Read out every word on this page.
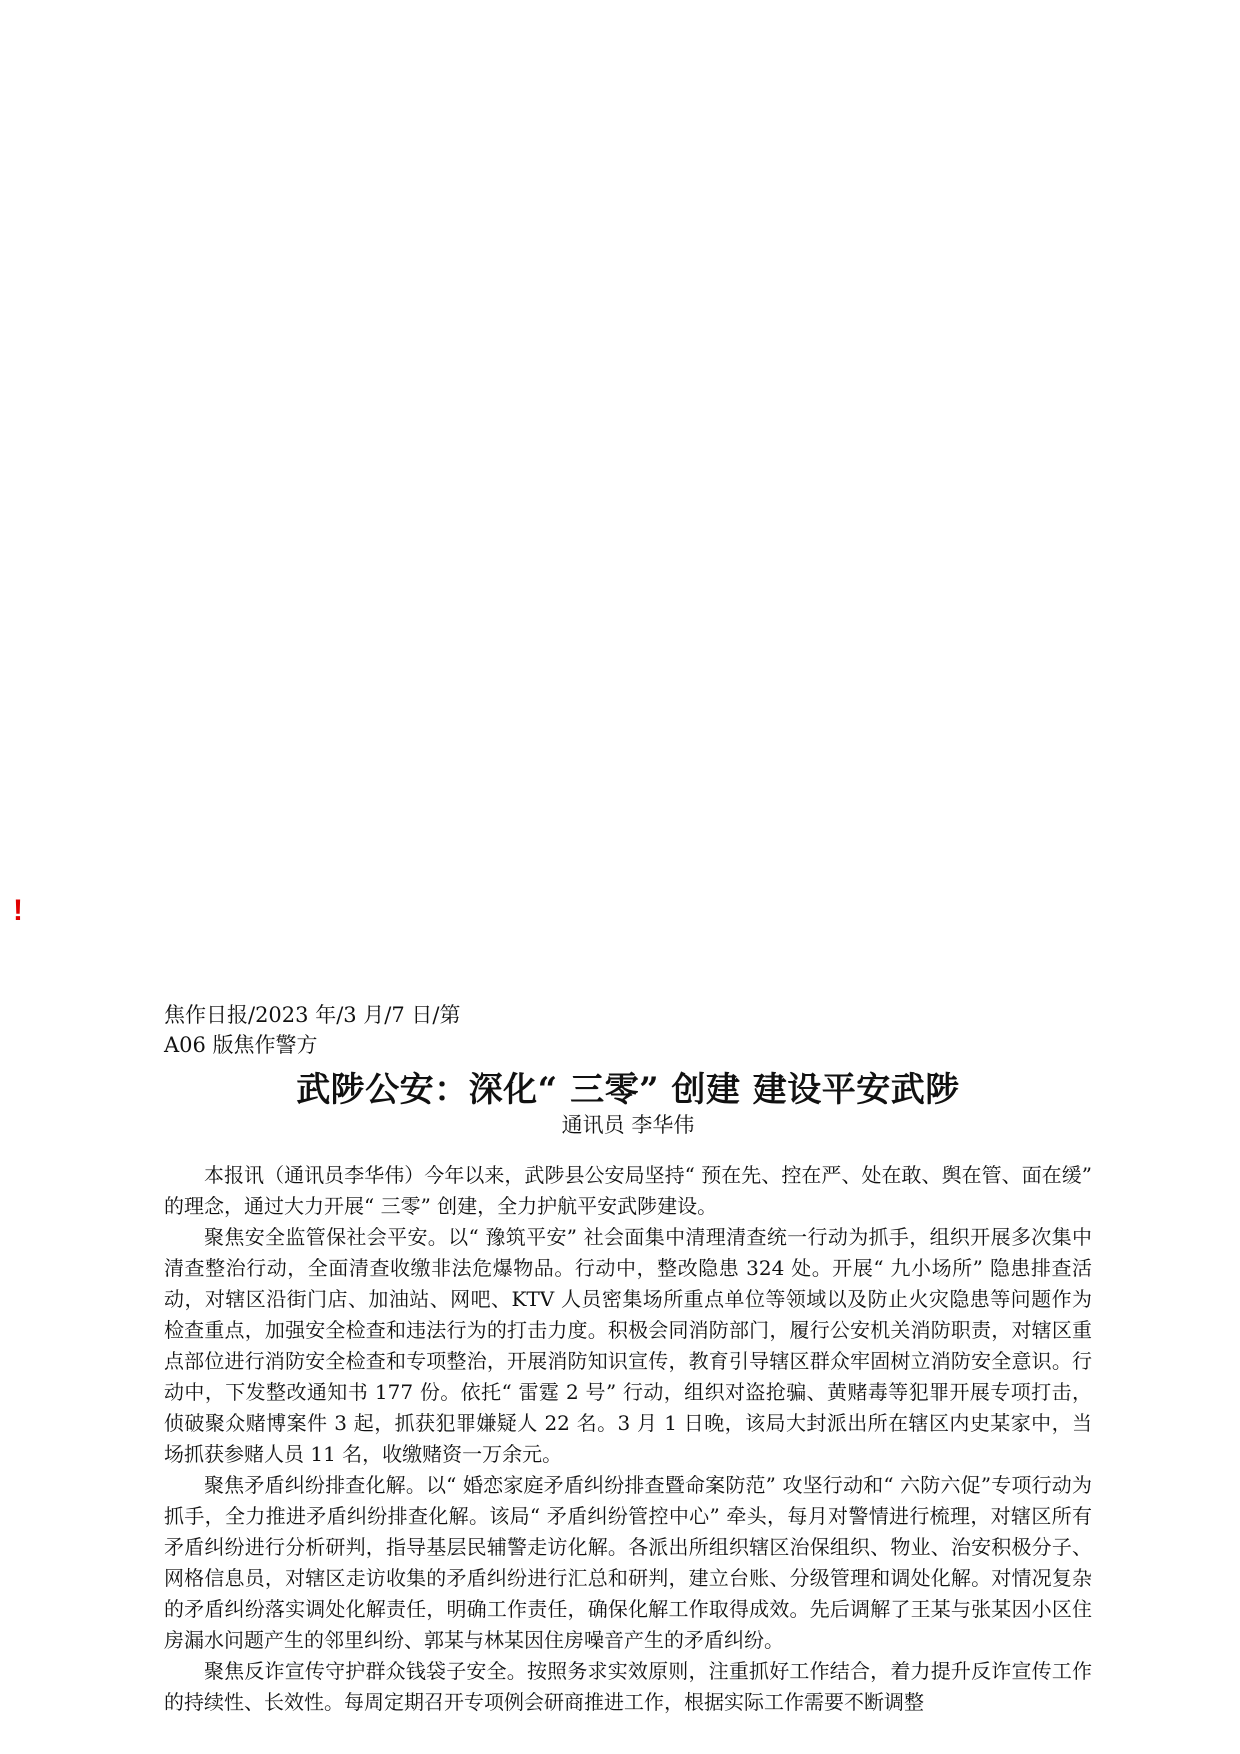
!
焦作日报/2023 年/3 月/7 日/第 A06 版焦作警方
武陟公安：深化“ 三零” 创建 建设平安武陟
通讯员 李华伟

本报讯（通讯员李华伟）今年以来，武陟县公安局坚持“ 预在先、控在严、处在敢、舆在管、面在缓” 的理念，通过大力开展“ 三零” 创建，全力护航平安武陟建设。

聚焦安全监管保社会平安。以“ 豫筑平安” 社会面集中清理清查统一行动为抓手，组织开展多次集中清查整治行动，全面清查收缴非法危爆物品。行动中，整改隐患 324 处。开展“ 九小场所” 隐患排查活动，对辖区沿街门店、加油站、网吧、KTV 人员密集场所重点单位等领域以及防止火灾隐患等问题作为检查重点，加强安全检查和违法行为的打击力度。积极会同消防部门，履行公安机关消防职责，对辖区重点部位进行消防安全检查和专项整治，开展消防知识宣传，教育引导辖区群众牢固树立消防安全意识。行动中，下发整改通知书 177 份。依托“ 雷霆 2 号” 行动，组织对盗抢骗、黄赌毒等犯罪开展专项打击，侦破聚众赌博案件 3 起，抓获犯罪嫌疑人 22 名。3 月 1 日晚，该局大封派出所在辖区内史某家中，当场抓获参赌人员 11 名，收缴赌资一万余元。

聚焦矛盾纠纷排查化解。以“ 婚恋家庭矛盾纠纷排查暨命案防范” 攻坚行动和“ 六防六促”专项行动为抓手，全力推进矛盾纠纷排查化解。该局“ 矛盾纠纷管控中心” 牵头，每月对警情进行梳理，对辖区所有矛盾纠纷进行分析研判，指导基层民辅警走访化解。各派出所组织辖区治保组织、物业、治安积极分子、网格信息员，对辖区走访收集的矛盾纠纷进行汇总和研判，建立台账、分级管理和调处化解。对情况复杂的矛盾纠纷落实调处化解责任，明确工作责任，确保化解工作取得成效。先后调解了王某与张某因小区住房漏水问题产生的邻里纠纷、郭某与林某因住房噪音产生的矛盾纠纷。

聚焦反诈宣传守护群众钱袋子安全。按照务求实效原则，注重抓好工作结合，着力提升反诈宣传工作的持续性、长效性。每周定期召开专项例会研商推进工作，根据实际工作需要不断调整
